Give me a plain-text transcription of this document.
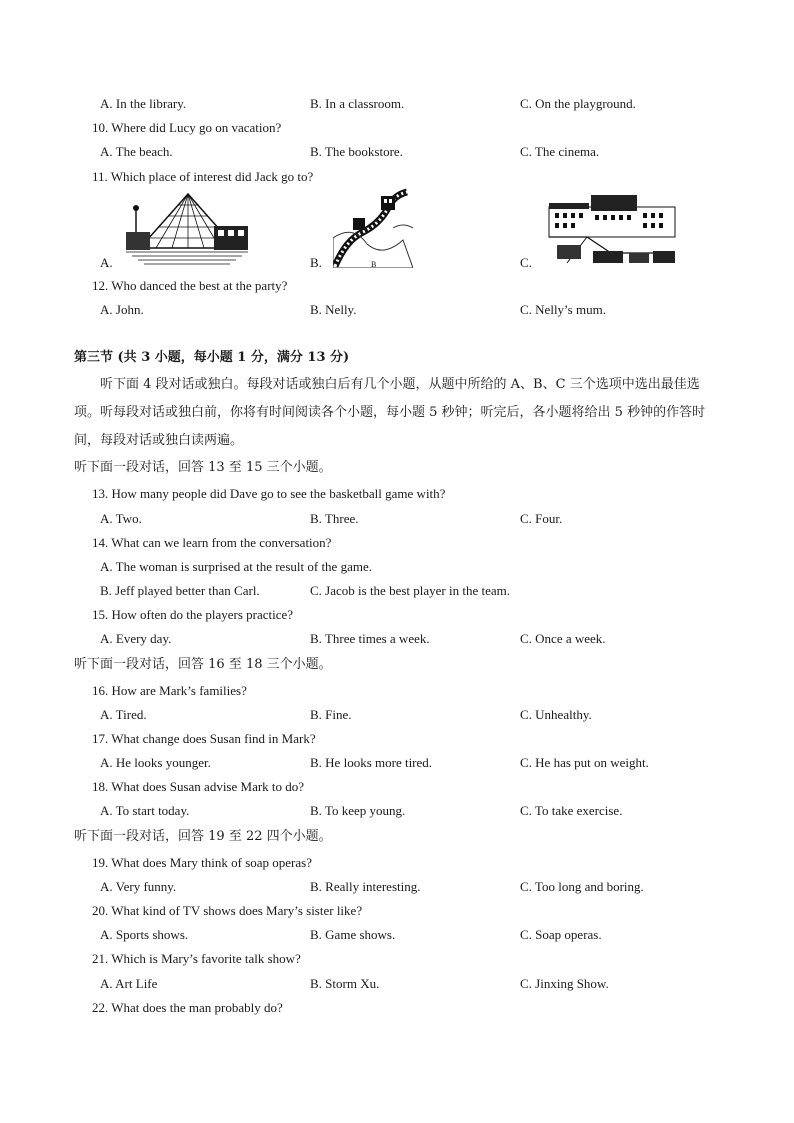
A. In the library.	B. In a classroom.	C. On the playground.
10. Where did Lucy go on vacation?
A. The beach.	B. The bookstore.	C. The cinema.
11. Which place of interest did Jack go to?
B
A.	B.	C.
12. Who danced the best at the party?
A. John.	B. Nelly.	C. Nelly’s mum.
第三节 (共 3 小题，每小题 1 分，满分 13 分)
听下面 4 段对话或独白。每段对话或独白后有几个小题，从题中所给的 A、B、C 三个选项中选出最佳选项。听每段对话或独白前，你将有时间阅读各个小题，每小题 5 秒钟；听完后，各小题将给出 5 秒钟的作答时间，每段对话或独白读两遍。
听下面一段对话，回答 13 至 15 三个小题。
13. How many people did Dave go to see the basketball game with?
A. Two.	B. Three.	C. Four.
14. What can we learn from the conversation?
A. The woman is surprised at the result of the game.
B. Jeff played better than Carl.	C. Jacob is the best player in the team.
15. How often do the players practice?
A. Every day.	B. Three times a week.	C. Once a week.
听下面一段对话，回答 16 至 18 三个小题。
16. How are Mark’s families?
A. Tired.	B. Fine.	C. Unhealthy.
17. What change does Susan find in Mark?
A. He looks younger.	B. He looks more tired.	C. He has put on weight.
18. What does Susan advise Mark to do?
A. To start today.	B. To keep young.	C. To take exercise.
听下面一段对话，回答 19 至 22 四个小题。
19. What does Mary think of soap operas?
A. Very funny.	B. Really interesting.	C. Too long and boring.
20. What kind of TV shows does Mary’s sister like?
A. Sports shows.	B. Game shows.	C. Soap operas.
21. Which is Mary’s favorite talk show?
A. Art Life	B. Storm Xu.	C. Jinxing Show.
22. What does the man probably do?
